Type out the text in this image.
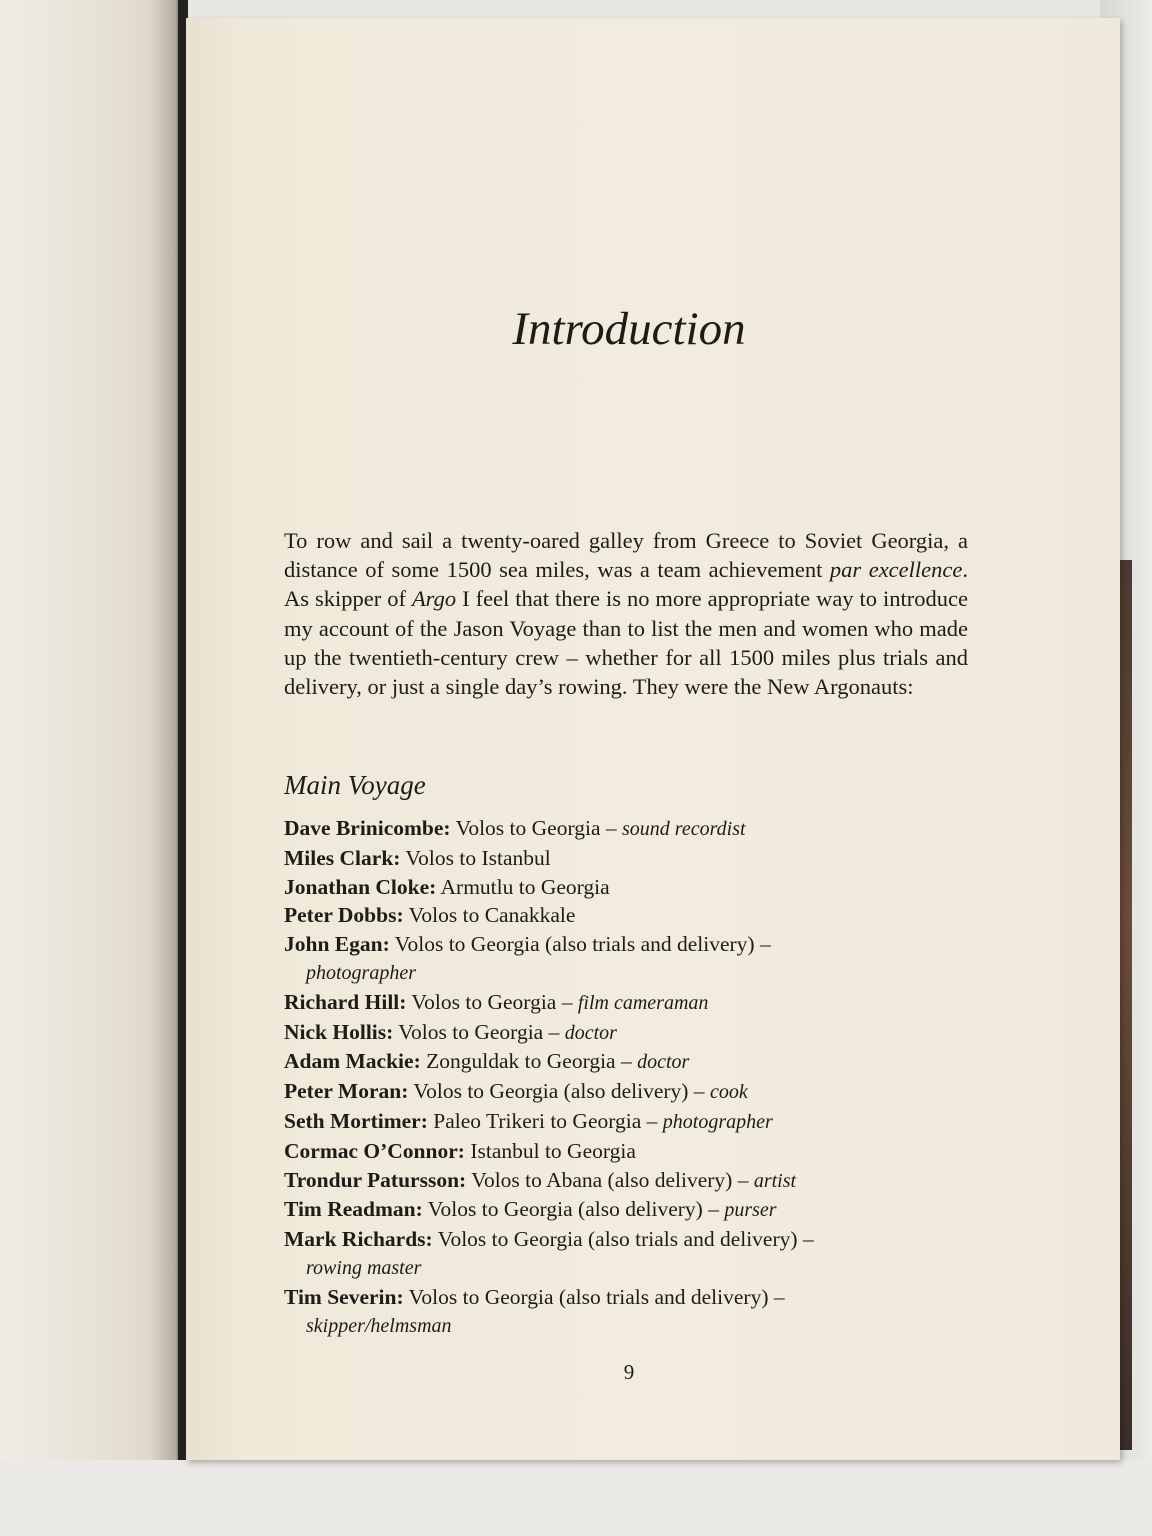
Introduction

To row and sail a twenty-oared galley from Greece to Soviet Georgia, a distance of some 1500 sea miles, was a team achievement par excellence. As skipper of Argo I feel that there is no more appropriate way to introduce my account of the Jason Voyage than to list the men and women who made up the twentieth-century crew – whether for all 1500 miles plus trials and delivery, or just a single day’s rowing. They were the New Argonauts:

Main Voyage
Dave Brinicombe: Volos to Georgia – sound recordist
Miles Clark: Volos to Istanbul
Jonathan Cloke: Armutlu to Georgia
Peter Dobbs: Volos to Canakkale
John Egan: Volos to Georgia (also trials and delivery) –
photographer
Richard Hill: Volos to Georgia – film cameraman
Nick Hollis: Volos to Georgia – doctor
Adam Mackie: Zonguldak to Georgia – doctor
Peter Moran: Volos to Georgia (also delivery) – cook
Seth Mortimer: Paleo Trikeri to Georgia – photographer
Cormac O’Connor: Istanbul to Georgia
Trondur Patursson: Volos to Abana (also delivery) – artist
Tim Readman: Volos to Georgia (also delivery) – purser
Mark Richards: Volos to Georgia (also trials and delivery) –
rowing master
Tim Severin: Volos to Georgia (also trials and delivery) –
skipper/helmsman
9
